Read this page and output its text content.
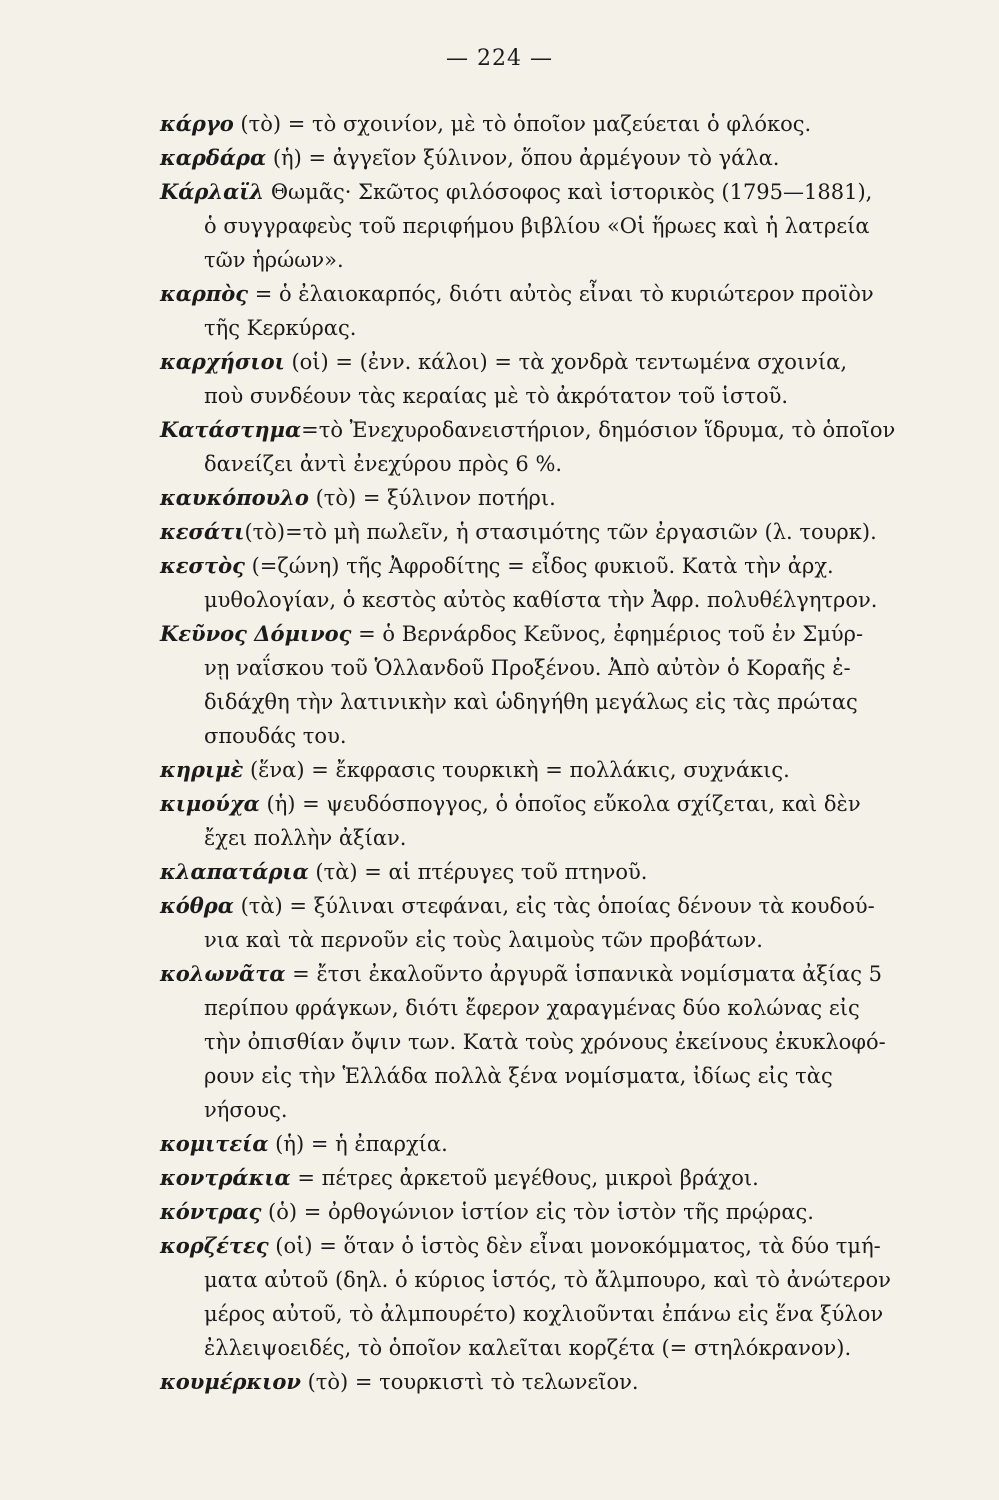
— 224 —
κάργο (τὸ) = τὸ σχοινίον, μὲ τὸ ὁποῖον μαζεύεται ὁ φλόκος.
καρδάρα (ἡ) = ἀγγεῖον ξύλινον, ὅπου ἀρμέγουν τὸ γάλα.
Κάρλαϊλ Θωμᾶς· Σκῶτος φιλόσοφος καὶ ἱστορικὸς (1795—1881),
ὁ συγγραφεὺς τοῦ περιφήμου βιβλίου «Οἱ ἥρωες καὶ ἡ λατρεία
τῶν ἡρώων».
καρπὸς = ὁ ἐλαιοκαρπός, διότι αὐτὸς εἶναι τὸ κυριώτερον προϊὸν
τῆς Κερκύρας.
καρχήσιοι (οἱ) = (ἐνν. κάλοι) = τὰ χονδρὰ τεντωμένα σχοινία,
ποὺ συνδέουν τὰς κεραίας μὲ τὸ ἀκρότατον τοῦ ἱστοῦ.
Κατάστημα=τὸ Ἐνεχυροδανειστήριον, δημόσιον ἵδρυμα, τὸ ὁποῖον
δανείζει ἀντὶ ἐνεχύρου πρὸς 6 %.
καυκόπουλο (τὸ) = ξύλινον ποτήρι.
κεσάτι(τὸ)=τὸ μὴ πωλεῖν, ἡ στασιμότης τῶν ἐργασιῶν (λ. τουρκ).
κεστὸς (=ζώνη) τῆς Ἀφροδίτης = εἶδος φυκιοῦ. Κατὰ τὴν ἀρχ.
μυθολογίαν, ὁ κεστὸς αὐτὸς καθίστα τὴν Ἀφρ. πολυθέλγητρον.
Κεῦνος Δόμινος = ὁ Βερνάρδος Κεῦνος, ἐφημέριος τοῦ ἐν Σμύρ-
νῃ ναΐσκου τοῦ Ὁλλανδοῦ Προξένου. Ἀπὸ αὐτὸν ὁ Κοραῆς ἐ-
διδάχθη τὴν λατινικὴν καὶ ὡδηγήθη μεγάλως εἰς τὰς πρώτας
σπουδάς του.
κηριμὲ (ἕνα) = ἔκφρασις τουρκικὴ = πολλάκις, συχνάκις.
κιμούχα (ἡ) = ψευδόσπογγος, ὁ ὁποῖος εὔκολα σχίζεται, καὶ δὲν
ἔχει πολλὴν ἀξίαν.
κλαπατάρια (τὰ) = αἱ πτέρυγες τοῦ πτηνοῦ.
κόθρα (τὰ) = ξύλιναι στεφάναι, εἰς τὰς ὁποίας δένουν τὰ κουδού-
νια καὶ τὰ περνοῦν εἰς τοὺς λαιμοὺς τῶν προβάτων.
κολωνᾶτα = ἔτσι ἐκαλοῦντο ἀργυρᾶ ἱσπανικὰ νομίσματα ἀξίας 5
περίπου φράγκων, διότι ἔφερον χαραγμένας δύο κολώνας εἰς
τὴν ὀπισθίαν ὄψιν των. Κατὰ τοὺς χρόνους ἐκείνους ἐκυκλοφό-
ρουν εἰς τὴν Ἑλλάδα πολλὰ ξένα νομίσματα, ἰδίως εἰς τὰς
νήσους.
κομιτεία (ἡ) = ἡ ἐπαρχία.
κοντράκια = πέτρες ἀρκετοῦ μεγέθους, μικροὶ βράχοι.
κόντρας (ὁ) = ὀρθογώνιον ἱστίον εἰς τὸν ἱστὸν τῆς πρῴρας.
κορζέτες (οἱ) = ὅταν ὁ ἱστὸς δὲν εἶναι μονοκόμματος, τὰ δύο τμή-
ματα αὐτοῦ (δηλ. ὁ κύριος ἱστός, τὸ ἄλμπουρο, καὶ τὸ ἀνώτερον
μέρος αὐτοῦ, τὸ ἀλμπουρέτο) κοχλιοῦνται ἐπάνω εἰς ἕνα ξύλον
ἐλλειψοειδές, τὸ ὁποῖον καλεῖται κορζέτα (= στηλόκρανον).
κουμέρκιον (τὸ) = τουρκιστὶ τὸ τελωνεῖον.
